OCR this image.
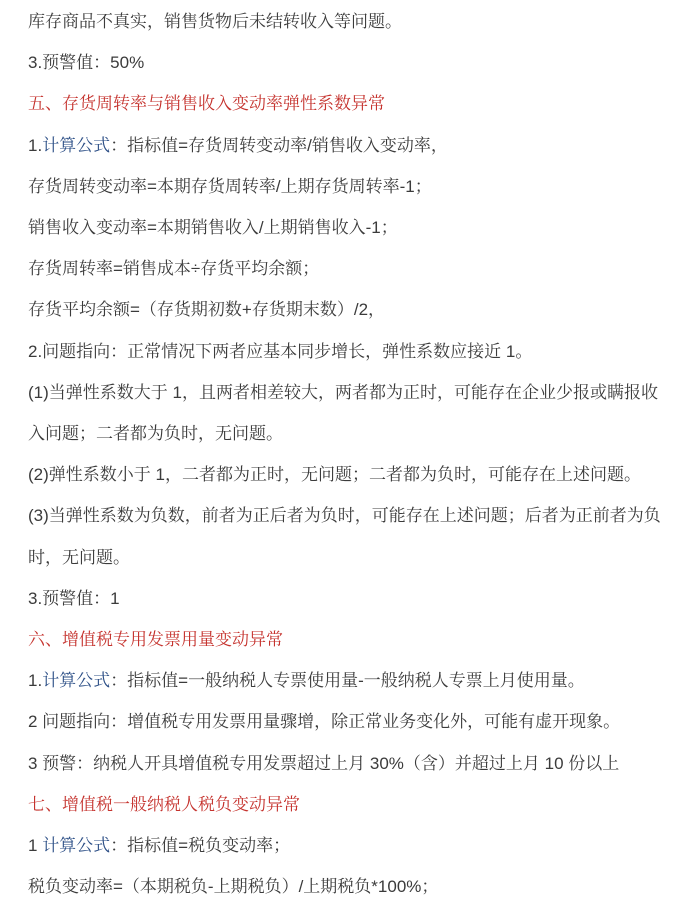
库存商品不真实，销售货物后未结转收入等问题。
3.预警值：50%
五、存货周转率与销售收入变动率弹性系数异常
1.计算公式：指标值=存货周转变动率/销售收入变动率，
存货周转变动率=本期存货周转率/上期存货周转率-1；
销售收入变动率=本期销售收入/上期销售收入-1；
存货周转率=销售成本÷存货平均余额；
存货平均余额=（存货期初数+存货期末数）/2，
2.问题指向：正常情况下两者应基本同步增长，弹性系数应接近 1。
(1)当弹性系数大于 1，且两者相差较大，两者都为正时，可能存在企业少报或瞒报收入问题；二者都为负时，无问题。
(2)弹性系数小于 1，二者都为正时，无问题；二者都为负时，可能存在上述问题。
(3)当弹性系数为负数，前者为正后者为负时，可能存在上述问题；后者为正前者为负时，无问题。
3.预警值：1
六、增值税专用发票用量变动异常
1.计算公式：指标值=一般纳税人专票使用量-一般纳税人专票上月使用量。
2 问题指向：增值税专用发票用量骤增，除正常业务变化外，可能有虚开现象。
3 预警：纳税人开具增值税专用发票超过上月 30%（含）并超过上月 10 份以上
七、增值税一般纳税人税负变动异常
1 计算公式：指标值=税负变动率；
税负变动率=（本期税负-上期税负）/上期税负*100%；
